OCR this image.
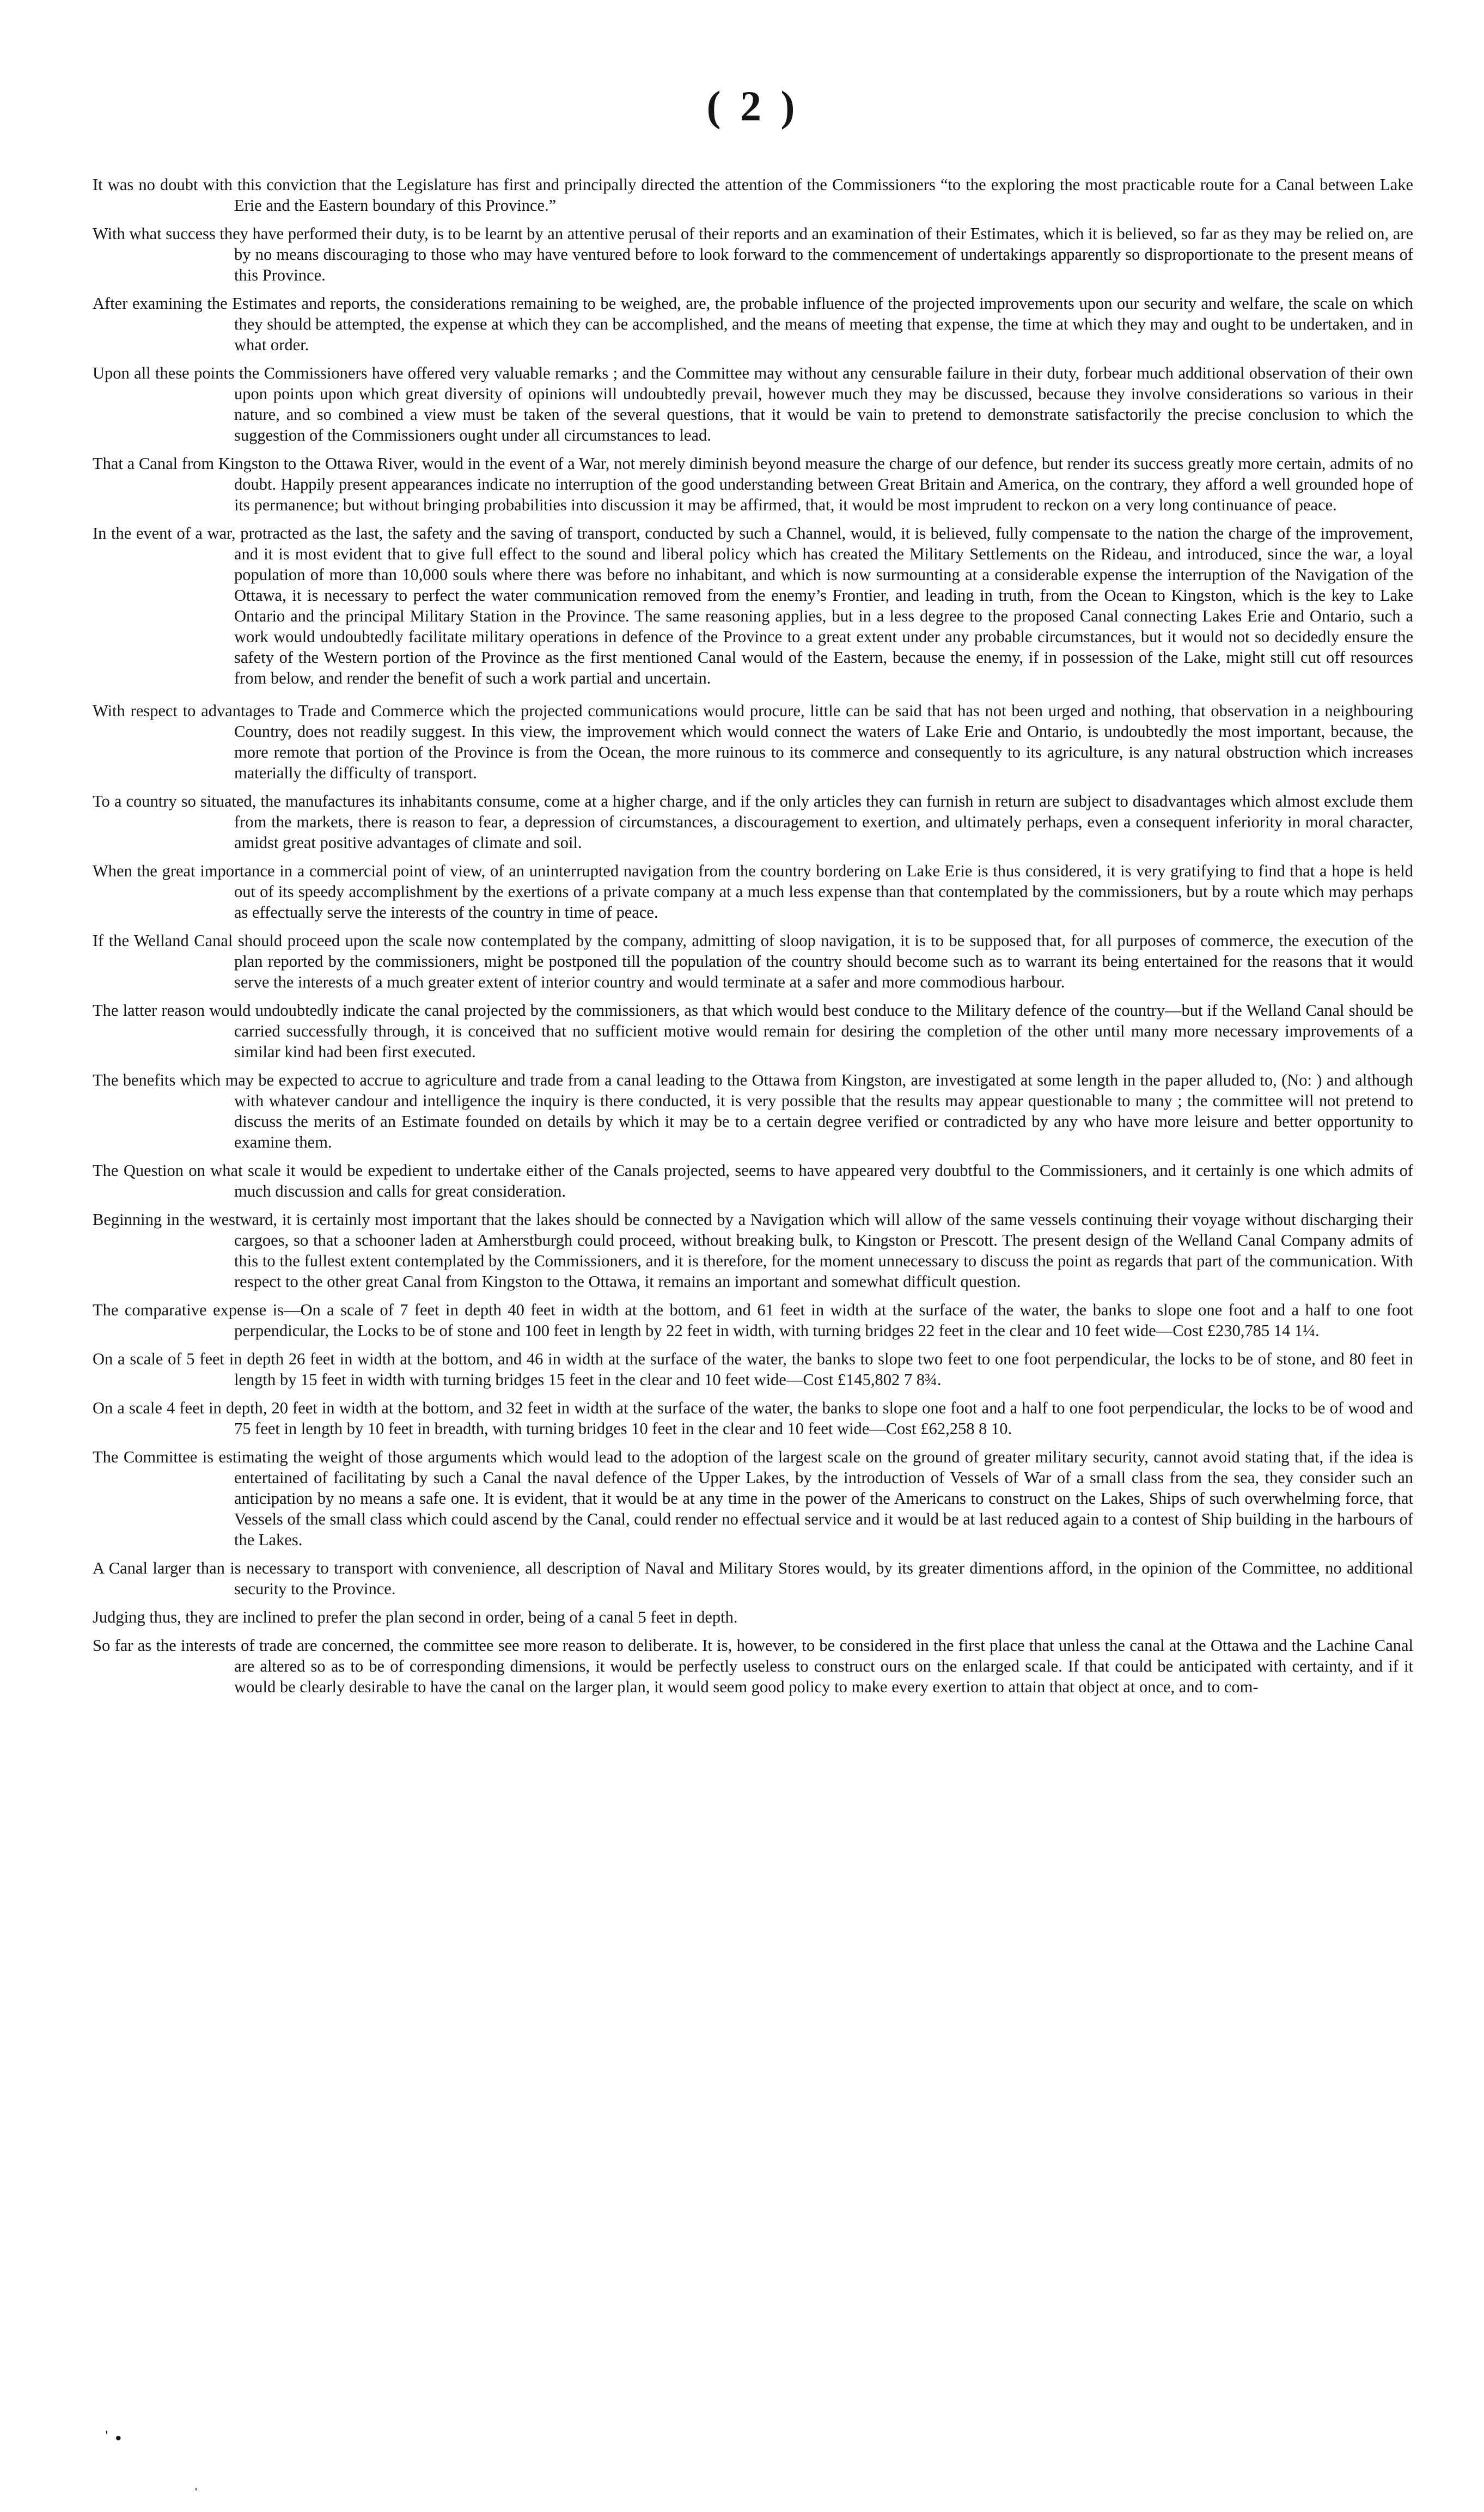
( 2 )

It was no doubt with this conviction that the Legislature has first and principally directed the attention of the Commissioners “to the exploring the most practicable route for a Canal between Lake Erie and the Eastern boundary of this Province.”

With what success they have performed their duty, is to be learnt by an attentive perusal of their reports and an examination of their Estimates, which it is believed, so far as they may be relied on, are by no means discouraging to those who may have ventured before to look forward to the commencement of undertakings apparently so disproportionate to the present means of this Province.

After examining the Estimates and reports, the considerations remaining to be weighed, are, the probable influence of the projected improvements upon our security and welfare, the scale on which they should be attempted, the expense at which they can be accomplished, and the means of meeting that expense, the time at which they may and ought to be undertaken, and in what order.

Upon all these points the Commissioners have offered very valuable remarks ; and the Committee may without any censurable failure in their duty, forbear much additional observation of their own upon points upon which great diversity of opinions will undoubtedly prevail, however much they may be discussed, because they involve considerations so various in their nature, and so combined a view must be taken of the several questions, that it would be vain to pretend to demonstrate satisfactorily the precise conclusion to which the suggestion of the Commissioners ought under all circumstances to lead.

That a Canal from Kingston to the Ottawa River, would in the event of a War, not merely diminish beyond measure the charge of our defence, but render its success greatly more certain, admits of no doubt. Happily present appearances indicate no interruption of the good understanding between Great Britain and America, on the contrary, they afford a well grounded hope of its permanence; but without bringing probabilities into discussion it may be affirmed, that, it would be most imprudent to reckon on a very long continuance of peace.

In the event of a war, protracted as the last, the safety and the saving of transport, conducted by such a Channel, would, it is believed, fully compensate to the nation the charge of the improvement, and it is most evident that to give full effect to the sound and liberal policy which has created the Military Settlements on the Rideau, and introduced, since the war, a loyal population of more than 10,000 souls where there was before no inhabitant, and which is now surmounting at a considerable expense the interruption of the Navigation of the Ottawa, it is necessary to perfect the water communication removed from the enemy’s Frontier, and leading in truth, from the Ocean to Kingston, which is the key to Lake Ontario and the principal Military Station in the Province. The same reasoning applies, but in a less degree to the proposed Canal connecting Lakes Erie and Ontario, such a work would undoubtedly facilitate military operations in defence of the Province to a great extent under any probable circumstances, but it would not so decidedly ensure the safety of the Western portion of the Province as the first mentioned Canal would of the Eastern, because the enemy, if in possession of the Lake, might still cut off resources from below, and render the benefit of such a work partial and uncertain.

With respect to advantages to Trade and Commerce which the projected communications would procure, little can be said that has not been urged and nothing, that observation in a neighbouring Country, does not readily suggest. In this view, the improvement which would connect the waters of Lake Erie and Ontario, is undoubtedly the most important, because, the more remote that portion of the Province is from the Ocean, the more ruinous to its commerce and consequently to its agriculture, is any natural obstruction which increases materially the difficulty of transport.

To a country so situated, the manufactures its inhabitants consume, come at a higher charge, and if the only articles they can furnish in return are subject to disadvantages which almost exclude them from the markets, there is reason to fear, a depression of circumstances, a discouragement to exertion, and ultimately perhaps, even a consequent inferiority in moral character, amidst great positive advantages of climate and soil.

When the great importance in a commercial point of view, of an uninterrupted navigation from the country bordering on Lake Erie is thus considered, it is very gratifying to find that a hope is held out of its speedy accomplishment by the exertions of a private company at a much less expense than that contemplated by the commissioners, but by a route which may perhaps as effectually serve the interests of the country in time of peace.

If the Welland Canal should proceed upon the scale now contemplated by the company, admitting of sloop navigation, it is to be supposed that, for all purposes of commerce, the execution of the plan reported by the commissioners, might be postponed till the population of the country should become such as to warrant its being entertained for the reasons that it would serve the interests of a much greater extent of interior country and would terminate at a safer and more commodious harbour.

The latter reason would undoubtedly indicate the canal projected by the commissioners, as that which would best conduce to the Military defence of the country—but if the Welland Canal should be carried successfully through, it is conceived that no sufficient motive would remain for desiring the completion of the other until many more necessary improvements of a similar kind had been first executed.

The benefits which may be expected to accrue to agriculture and trade from a canal leading to the Ottawa from Kingston, are investigated at some length in the paper alluded to, (No: ) and although with whatever candour and intelligence the inquiry is there conducted, it is very possible that the results may appear questionable to many ; the committee will not pretend to discuss the merits of an Estimate founded on details by which it may be to a certain degree verified or contradicted by any who have more leisure and better opportunity to examine them.

The Question on what scale it would be expedient to undertake either of the Canals projected, seems to have appeared very doubtful to the Commissioners, and it certainly is one which admits of much discussion and calls for great consideration.

Beginning in the westward, it is certainly most important that the lakes should be connected by a Navigation which will allow of the same vessels continuing their voyage without discharging their cargoes, so that a schooner laden at Amherstburgh could proceed, without breaking bulk, to Kingston or Prescott. The present design of the Welland Canal Company admits of this to the fullest extent contemplated by the Commissioners, and it is therefore, for the moment unnecessary to discuss the point as regards that part of the communication. With respect to the other great Canal from Kingston to the Ottawa, it remains an important and somewhat difficult question.

The comparative expense is—On a scale of 7 feet in depth 40 feet in width at the bottom, and 61 feet in width at the surface of the water, the banks to slope one foot and a half to one foot perpendicular, the Locks to be of stone and 100 feet in length by 22 feet in width, with turning bridges 22 feet in the clear and 10 feet wide—Cost £230,785 14 1¼.

On a scale of 5 feet in depth 26 feet in width at the bottom, and 46 in width at the surface of the water, the banks to slope two feet to one foot perpendicular, the locks to be of stone, and 80 feet in length by 15 feet in width with turning bridges 15 feet in the clear and 10 feet wide—Cost £145,802 7 8¾.

On a scale 4 feet in depth, 20 feet in width at the bottom, and 32 feet in width at the surface of the water, the banks to slope one foot and a half to one foot perpendicular, the locks to be of wood and 75 feet in length by 10 feet in breadth, with turning bridges 10 feet in the clear and 10 feet wide—Cost £62,258 8 10.

The Committee is estimating the weight of those arguments which would lead to the adoption of the largest scale on the ground of greater military security, cannot avoid stating that, if the idea is entertained of facilitating by such a Canal the naval defence of the Upper Lakes, by the introduction of Vessels of War of a small class from the sea, they consider such an anticipation by no means a safe one. It is evident, that it would be at any time in the power of the Americans to construct on the Lakes, Ships of such overwhelming force, that Vessels of the small class which could ascend by the Canal, could render no effectual service and it would be at last reduced again to a contest of Ship building in the harbours of the Lakes.

A Canal larger than is necessary to transport with convenience, all description of Naval and Military Stores would, by its greater dimentions afford, in the opinion of the Committee, no additional security to the Province.

Judging thus, they are inclined to prefer the plan second in order, being of a canal 5 feet in depth.

So far as the interests of trade are concerned, the committee see more reason to deliberate. It is, however, to be considered in the first place that unless the canal at the Ottawa and the Lachine Canal are altered so as to be of corresponding dimensions, it would be perfectly useless to construct ours on the enlarged scale. If that could be anticipated with certainty, and if it would be clearly desirable to have the canal on the larger plan, it would seem good policy to make every exertion to attain that object at once, and to com-

ˈ •
ˌ
